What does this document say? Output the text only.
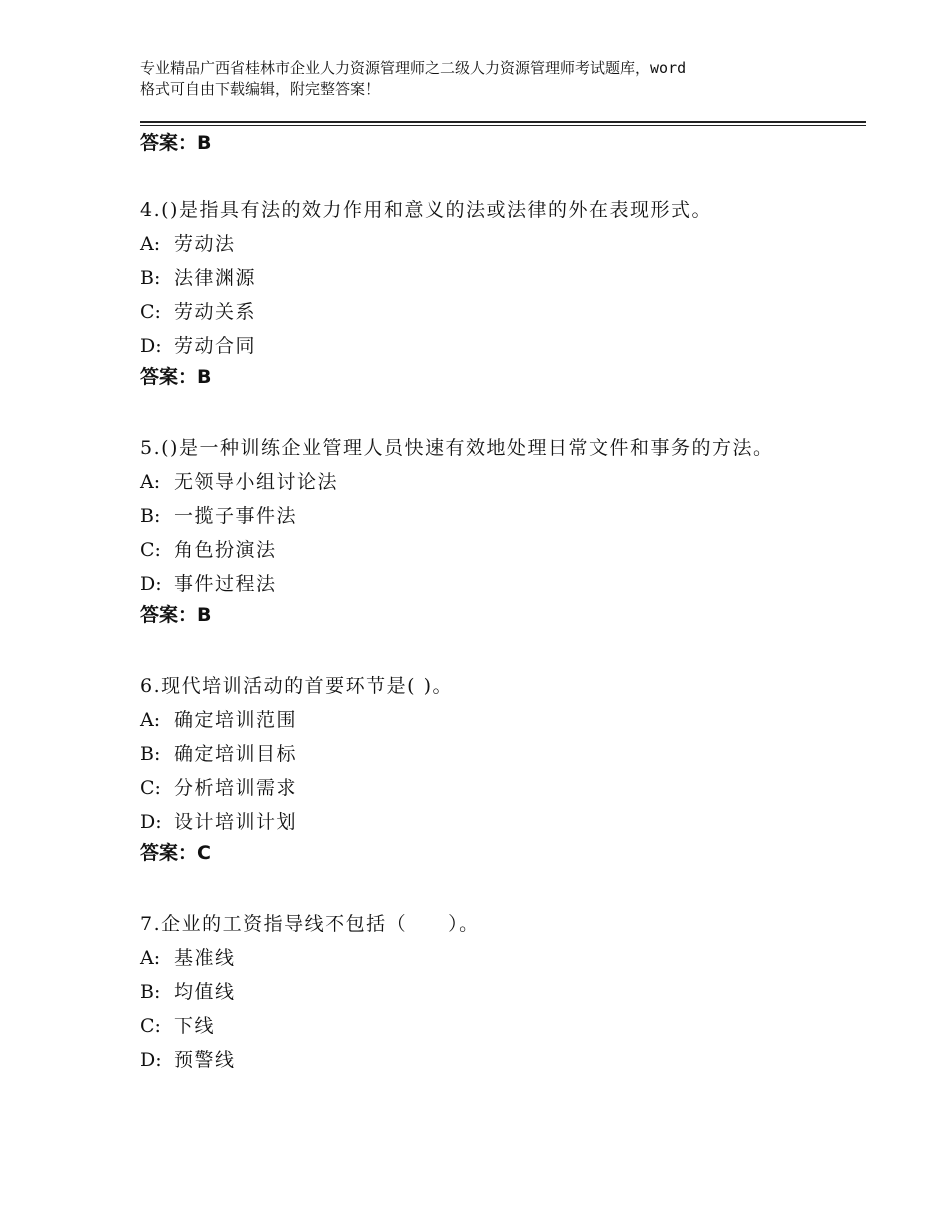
专业精品广西省桂林市企业人力资源管理师之二级人力资源管理师考试题库，word
格式可自由下载编辑，附完整答案！
答案：B
4.()是指具有法的效力作用和意义的法或法律的外在表现形式。
A: 劳动法
B: 法律渊源
C: 劳动关系
D: 劳动合同
答案：B
5.()是一种训练企业管理人员快速有效地处理日常文件和事务的方法。
A: 无领导小组讨论法
B: 一揽子事件法
C: 角色扮演法
D: 事件过程法
答案：B
6.现代培训活动的首要环节是( )。
A: 确定培训范围
B: 确定培训目标
C: 分析培训需求
D: 设计培训计划
答案：C
7.企业的工资指导线不包括（　　）。
A: 基准线
B: 均值线
C: 下线
D: 预警线
